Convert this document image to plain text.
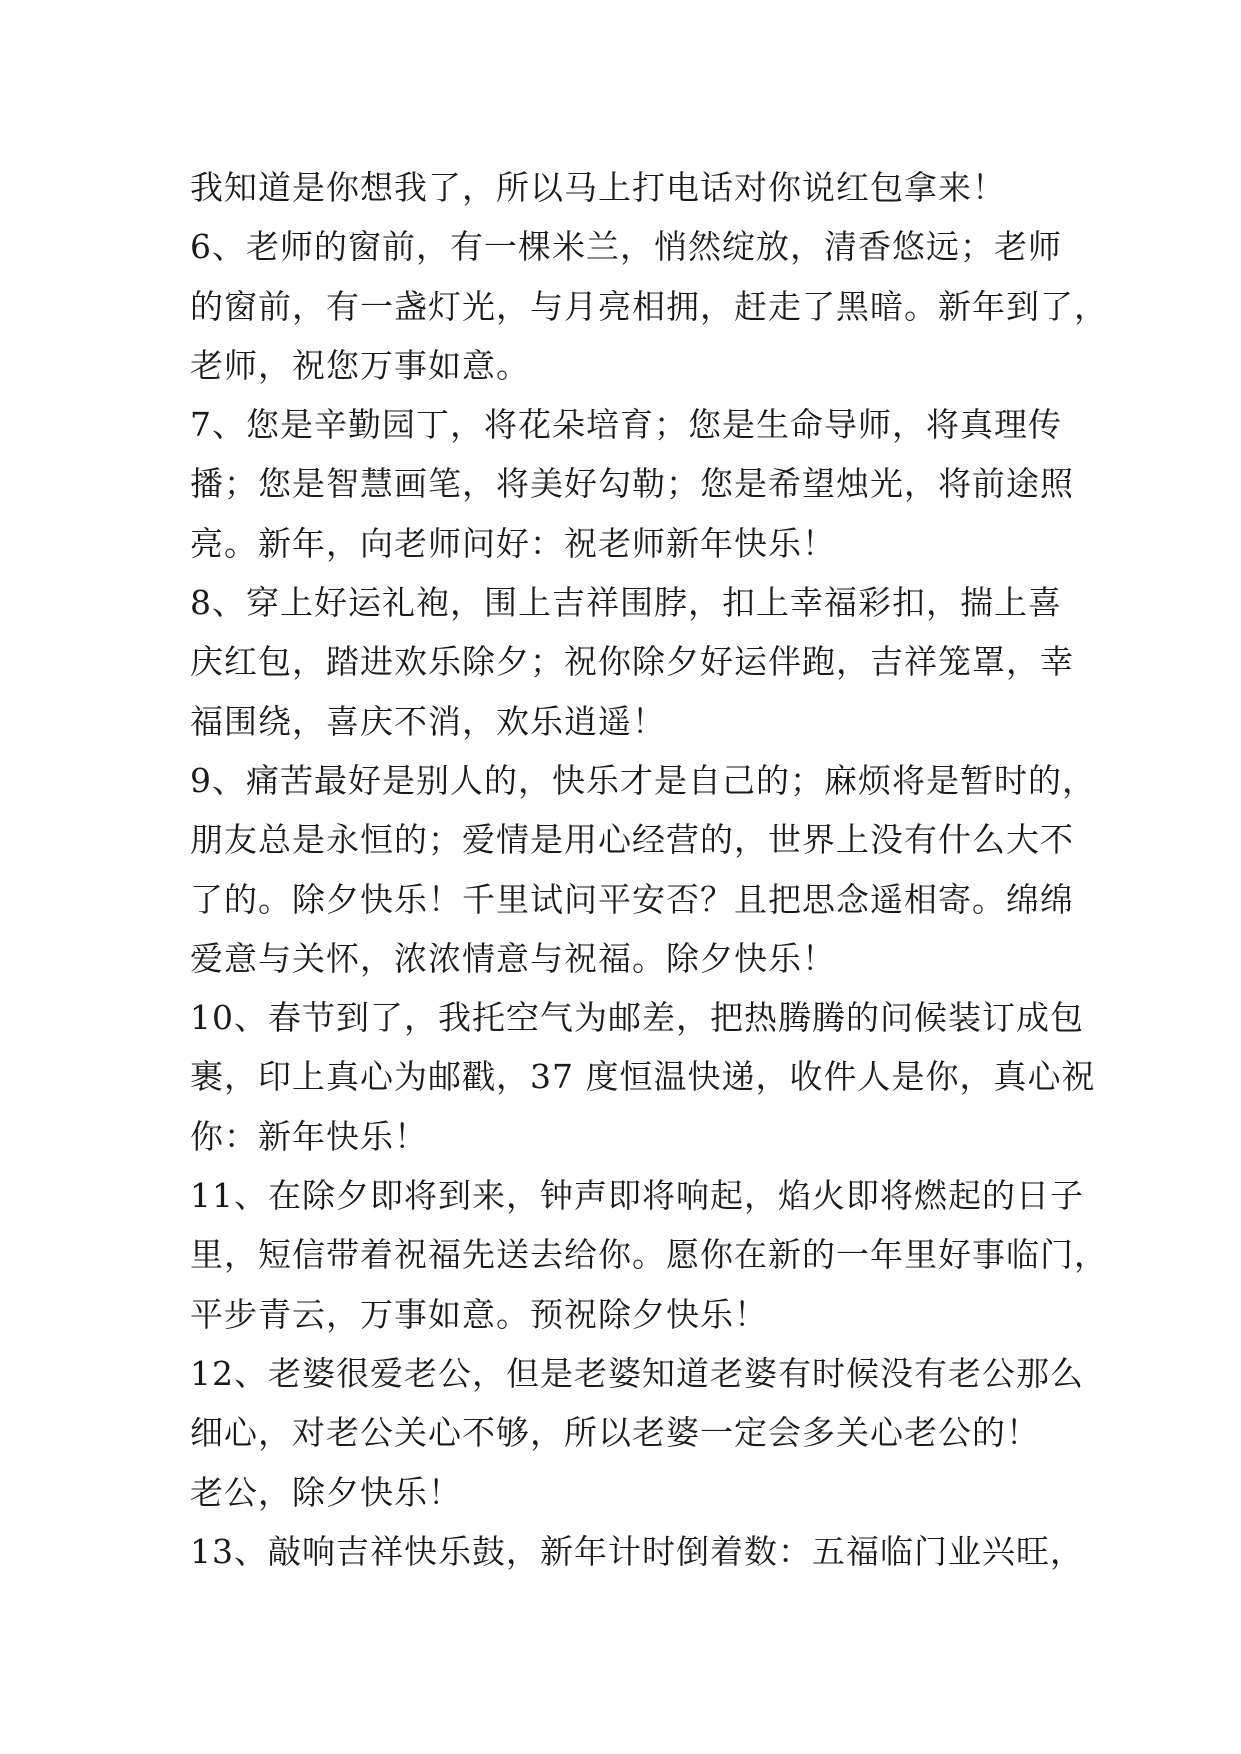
我知道是你想我了，所以马上打电话对你说红包拿来！
6、老师的窗前，有一棵米兰，悄然绽放，清香悠远；老师
的窗前，有一盏灯光，与月亮相拥，赶走了黑暗。新年到了，
老师，祝您万事如意。
7、您是辛勤园丁，将花朵培育；您是生命导师，将真理传
播；您是智慧画笔，将美好勾勒；您是希望烛光，将前途照
亮。新年，向老师问好：祝老师新年快乐！
8、穿上好运礼袍，围上吉祥围脖，扣上幸福彩扣，揣上喜
庆红包，踏进欢乐除夕；祝你除夕好运伴跑，吉祥笼罩，幸
福围绕，喜庆不消，欢乐逍遥！
9、痛苦最好是别人的，快乐才是自己的；麻烦将是暂时的，
朋友总是永恒的；爱情是用心经营的，世界上没有什么大不
了的。除夕快乐！千里试问平安否？且把思念遥相寄。绵绵
爱意与关怀，浓浓情意与祝福。除夕快乐！
10、春节到了，我托空气为邮差，把热腾腾的问候装订成包
裹，印上真心为邮戳，37 度恒温快递，收件人是你，真心祝
你：新年快乐！
11、在除夕即将到来，钟声即将响起，焰火即将燃起的日子
里，短信带着祝福先送去给你。愿你在新的一年里好事临门，
平步青云，万事如意。预祝除夕快乐！
12、老婆很爱老公，但是老婆知道老婆有时候没有老公那么
细心，对老公关心不够，所以老婆一定会多关心老公的！
老公，除夕快乐！
13、敲响吉祥快乐鼓，新年计时倒着数：五福临门业兴旺，
